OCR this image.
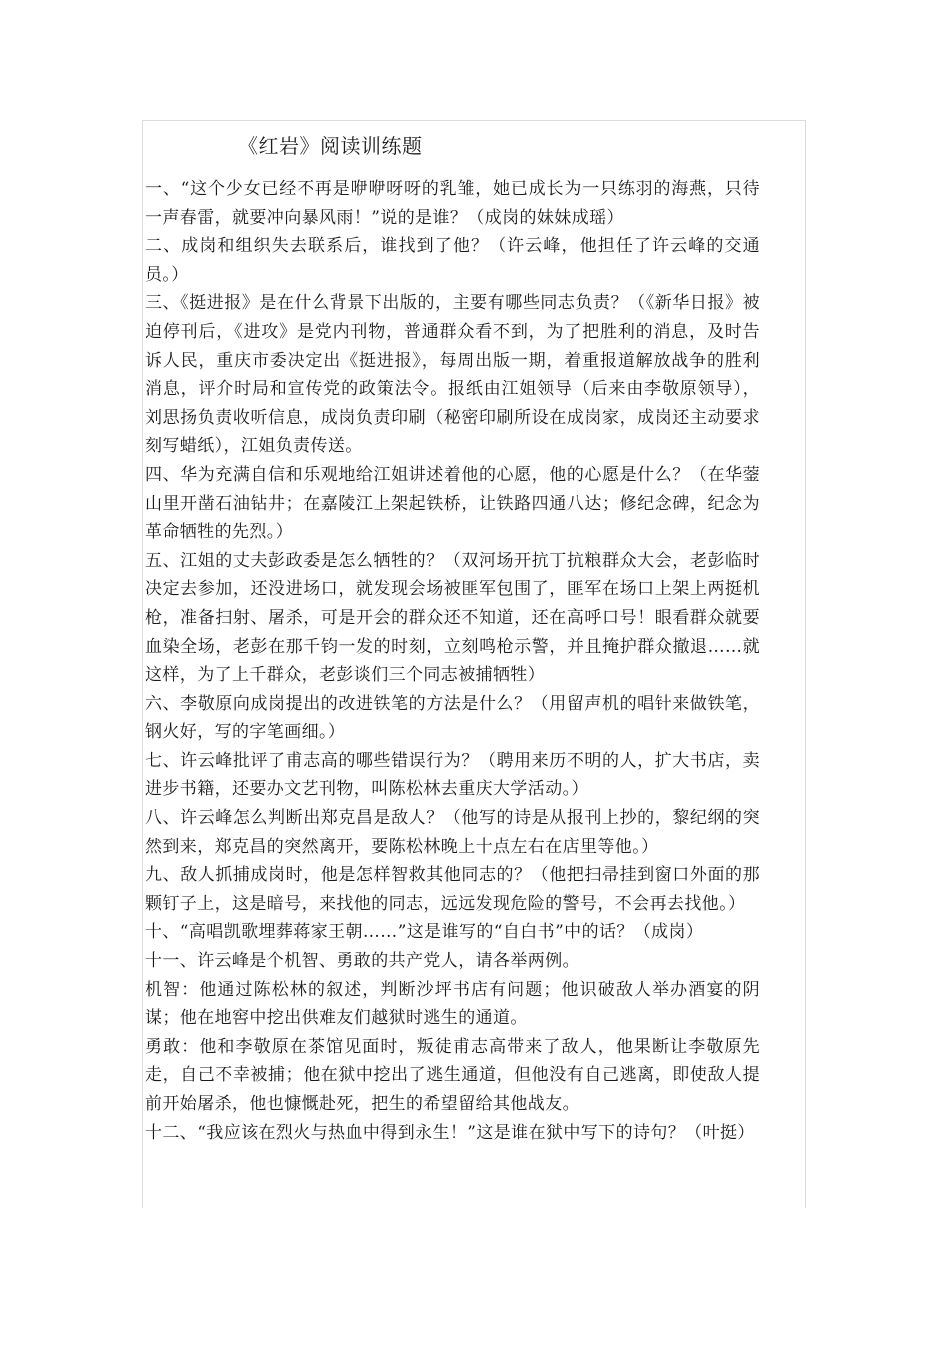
《红岩》阅读训练题

一、“这个少女已经不再是咿咿呀呀的乳雏，她已成长为一只练羽的海燕，只待一声春雷，就要冲向暴风雨！”说的是谁？（成岗的妹妹成瑶）

二、成岗和组织失去联系后，谁找到了他？（许云峰，他担任了许云峰的交通员。）

三、《挺进报》是在什么背景下出版的，主要有哪些同志负责？（《新华日报》被迫停刊后，《进攻》是党内刊物，普通群众看不到，为了把胜利的消息，及时告诉人民，重庆市委决定出《挺进报》，每周出版一期，着重报道解放战争的胜利消息，评介时局和宣传党的政策法令。报纸由江姐领导（后来由李敬原领导），刘思扬负责收听信息，成岗负责印刷（秘密印刷所设在成岗家，成岗还主动要求刻写蜡纸），江姐负责传送。

四、华为充满自信和乐观地给江姐讲述着他的心愿，他的心愿是什么？（在华蓥山里开凿石油钻井；在嘉陵江上架起铁桥，让铁路四通八达；修纪念碑，纪念为革命牺牲的先烈。）

五、江姐的丈夫彭政委是怎么牺牲的？（双河场开抗丁抗粮群众大会，老彭临时决定去参加，还没进场口，就发现会场被匪军包围了，匪军在场口上架上两挺机枪，准备扫射、屠杀，可是开会的群众还不知道，还在高呼口号！眼看群众就要血染全场，老彭在那千钧一发的时刻，立刻鸣枪示警，并且掩护群众撤退……就这样，为了上千群众，老彭谈们三个同志被捕牺牲）

六、李敬原向成岗提出的改进铁笔的方法是什么？（用留声机的唱针来做铁笔，钢火好，写的字笔画细。）

七、许云峰批评了甫志高的哪些错误行为？（聘用来历不明的人，扩大书店，卖进步书籍，还要办文艺刊物，叫陈松林去重庆大学活动。）

八、许云峰怎么判断出郑克昌是敌人？（他写的诗是从报刊上抄的，黎纪纲的突然到来，郑克昌的突然离开，要陈松林晚上十点左右在店里等他。）

九、敌人抓捕成岗时，他是怎样智救其他同志的？（他把扫帚挂到窗口外面的那颗钉子上，这是暗号，来找他的同志，远远发现危险的警号，不会再去找他。）

十、“高唱凯歌埋葬蒋家王朝……”这是谁写的“自白书”中的话？（成岗）

十一、许云峰是个机智、勇敢的共产党人，请各举两例。

机智：他通过陈松林的叙述，判断沙坪书店有问题；他识破敌人举办酒宴的阴谋；他在地窖中挖出供难友们越狱时逃生的通道。

勇敢：他和李敬原在茶馆见面时，叛徒甫志高带来了敌人，他果断让李敬原先走，自己不幸被捕；他在狱中挖出了逃生通道，但他没有自己逃离，即使敌人提前开始屠杀，他也慷慨赴死，把生的希望留给其他战友。

十二、“我应该在烈火与热血中得到永生！”这是谁在狱中写下的诗句？（叶挺）
